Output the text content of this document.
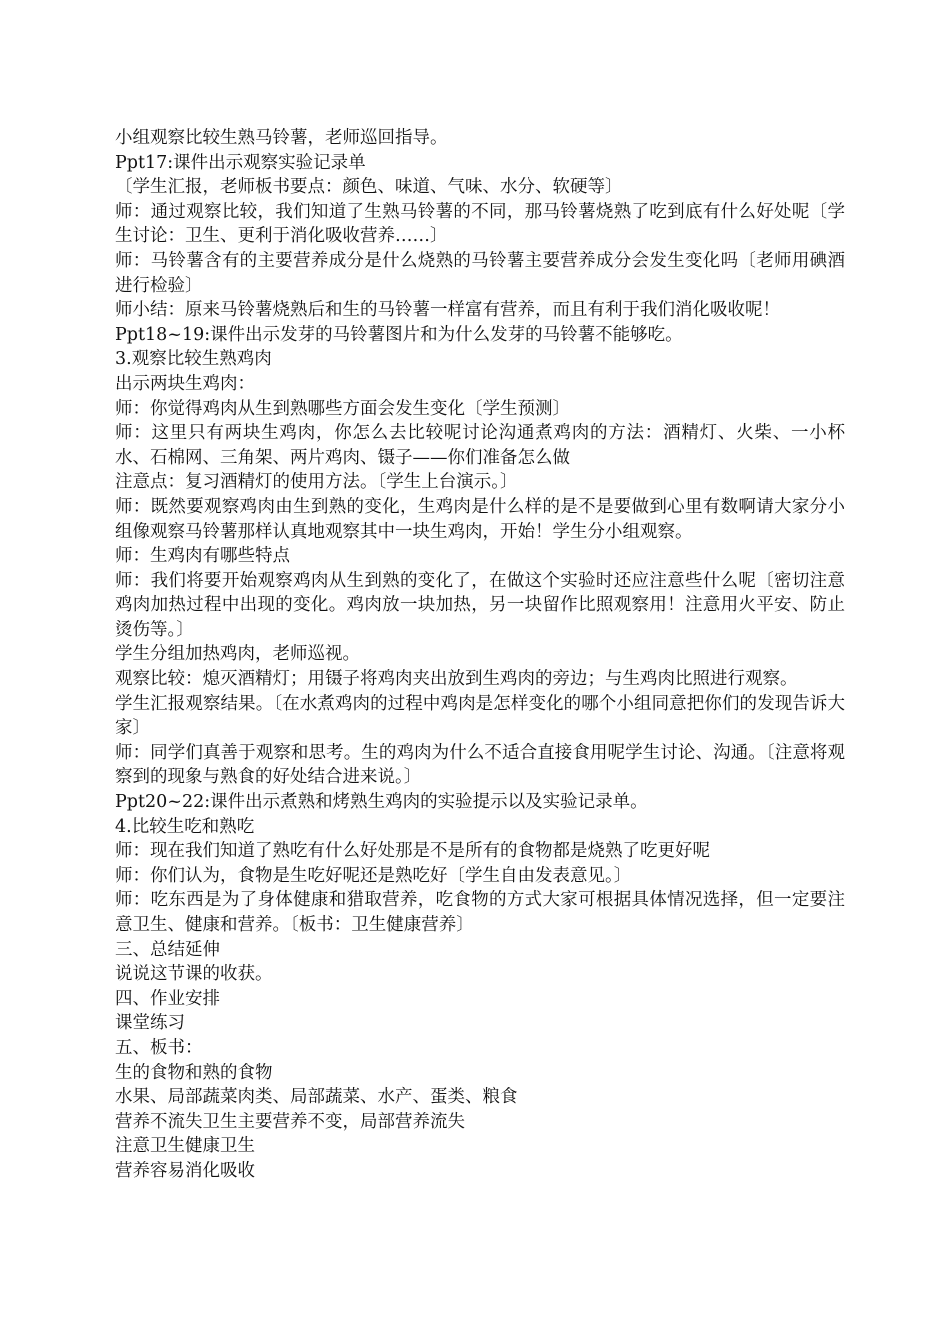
小组观察比较生熟马铃薯，老师巡回指导。

Ppt17:课件出示观察实验记录单

〔学生汇报，老师板书要点：颜色、味道、气味、水分、软硬等〕

师：通过观察比较，我们知道了生熟马铃薯的不同，那马铃薯烧熟了吃到底有什么好处呢〔学生讨论：卫生、更利于消化吸收营养……〕

师：马铃薯含有的主要营养成分是什么烧熟的马铃薯主要营养成分会发生变化吗〔老师用碘酒进行检验〕

师小结：原来马铃薯烧熟后和生的马铃薯一样富有营养，而且有利于我们消化吸收呢！

Ppt18~19:课件出示发芽的马铃薯图片和为什么发芽的马铃薯不能够吃。

3.观察比较生熟鸡肉

出示两块生鸡肉：

师：你觉得鸡肉从生到熟哪些方面会发生变化〔学生预测〕

师：这里只有两块生鸡肉，你怎么去比较呢讨论沟通煮鸡肉的方法：酒精灯、火柴、一小杯水、石棉网、三角架、两片鸡肉、镊子——你们准备怎么做

注意点：复习酒精灯的使用方法。〔学生上台演示。〕

师：既然要观察鸡肉由生到熟的变化，生鸡肉是什么样的是不是要做到心里有数啊请大家分小组像观察马铃薯那样认真地观察其中一块生鸡肉，开始！学生分小组观察。

师：生鸡肉有哪些特点

师：我们将要开始观察鸡肉从生到熟的变化了，在做这个实验时还应注意些什么呢〔密切注意鸡肉加热过程中出现的变化。鸡肉放一块加热，另一块留作比照观察用！注意用火平安、防止烫伤等。〕

学生分组加热鸡肉，老师巡视。

观察比较：熄灭酒精灯；用镊子将鸡肉夹出放到生鸡肉的旁边；与生鸡肉比照进行观察。

学生汇报观察结果。〔在水煮鸡肉的过程中鸡肉是怎样变化的哪个小组同意把你们的发现告诉大家〕

师：同学们真善于观察和思考。生的鸡肉为什么不适合直接食用呢学生讨论、沟通。〔注意将观察到的现象与熟食的好处结合进来说。〕

Ppt20~22:课件出示煮熟和烤熟生鸡肉的实验提示以及实验记录单。

4.比较生吃和熟吃

师：现在我们知道了熟吃有什么好处那是不是所有的食物都是烧熟了吃更好呢

师：你们认为，食物是生吃好呢还是熟吃好〔学生自由发表意见。〕

师：吃东西是为了身体健康和猎取营养，吃食物的方式大家可根据具体情况选择，但一定要注意卫生、健康和营养。〔板书：卫生健康营养〕

三、总结延伸

说说这节课的收获。

四、作业安排

课堂练习

五、板书：

生的食物和熟的食物

水果、局部蔬菜肉类、局部蔬菜、水产、蛋类、粮食

营养不流失卫生主要营养不变，局部营养流失

注意卫生健康卫生

营养容易消化吸收
